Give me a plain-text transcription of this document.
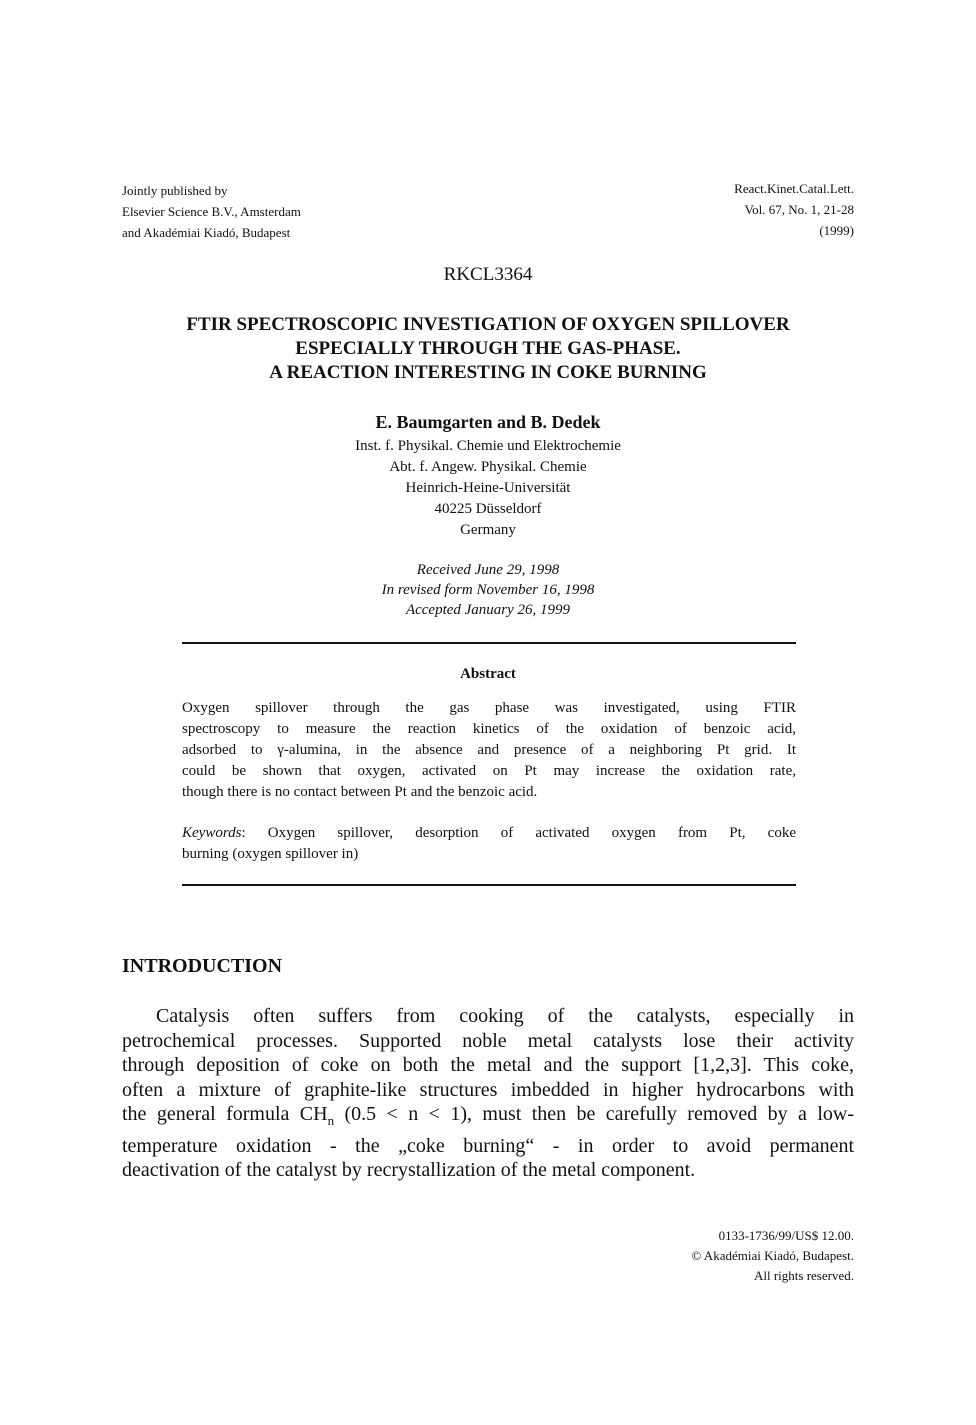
Jointly published by
Elsevier Science B.V., Amsterdam
and Akadémiai Kiadó, Budapest
React.Kinet.Catal.Lett.
Vol. 67, No. 1, 21-28
(1999)
RKCL3364
FTIR SPECTROSCOPIC INVESTIGATION OF OXYGEN SPILLOVER
ESPECIALLY THROUGH THE GAS-PHASE.
A REACTION INTERESTING IN COKE BURNING
E. Baumgarten and B. Dedek
Inst. f. Physikal. Chemie und Elektrochemie
Abt. f. Angew. Physikal. Chemie
Heinrich-Heine-Universität
40225 Düsseldorf
Germany
Received June 29, 1998
In revised form November 16, 1998
Accepted January 26, 1999
Abstract
Oxygen spillover through the gas phase was investigated, using FTIR
spectroscopy to measure the reaction kinetics of the oxidation of benzoic acid,
adsorbed to γ-alumina, in the absence and presence of a neighboring Pt grid. It
could be shown that oxygen, activated on Pt may increase the oxidation rate,
though there is no contact between Pt and the benzoic acid.
Keywords: Oxygen spillover, desorption of activated oxygen from Pt, coke
burning (oxygen spillover in)
INTRODUCTION
Catalysis often suffers from cooking of the catalysts, especially in
petrochemical processes. Supported noble metal catalysts lose their activity
through deposition of coke on both the metal and the support [1,2,3]. This coke,
often a mixture of graphite-like structures imbedded in higher hydrocarbons with
the general formula $CH_n$ (0.5 < n < 1), must then be carefully removed by a low-
temperature oxidation - the „coke burning“ - in order to avoid permanent
deactivation of the catalyst by recrystallization of the metal component.
0133-1736/99/US$ 12.00.
© Akadémiai Kiadó, Budapest.
All rights reserved.
